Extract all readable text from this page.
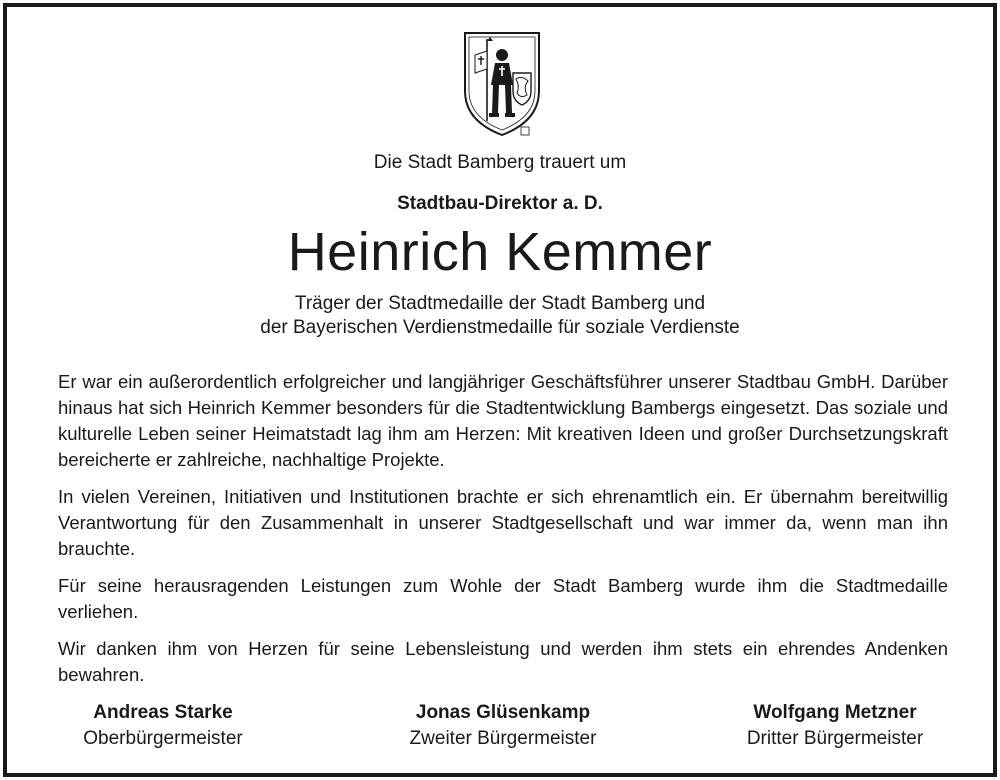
Die Stadt Bamberg trauert um
Stadtbau-Direktor a. D.
Heinrich Kemmer
Träger der Stadtmedaille der Stadt Bamberg und
der Bayerischen Verdienstmedaille für soziale Verdienste

Er war ein außerordentlich erfolgreicher und langjähriger Geschäftsführer unserer Stadtbau GmbH. Darüber hinaus hat sich Heinrich Kemmer besonders für die Stadtentwicklung Bambergs eingesetzt. Das soziale und kulturelle Leben seiner Heimatstadt lag ihm am Herzen: Mit kreativen Ideen und großer Durchsetzungskraft bereicherte er zahlreiche, nachhaltige Projekte.

In vielen Vereinen, Initiativen und Institutionen brachte er sich ehrenamtlich ein. Er übernahm bereitwillig Verantwortung für den Zusammenhalt in unserer Stadtgesellschaft und war immer da, wenn man ihn brauchte.

Für seine herausragenden Leistungen zum Wohle der Stadt Bamberg wurde ihm die Stadtmedaille verliehen.

Wir danken ihm von Herzen für seine Lebensleistung und werden ihm stets ein ehrendes Andenken bewahren.

Andreas Starke
Oberbürgermeister
Jonas Glüsenkamp
Zweiter Bürgermeister
Wolfgang Metzner
Dritter Bürgermeister
